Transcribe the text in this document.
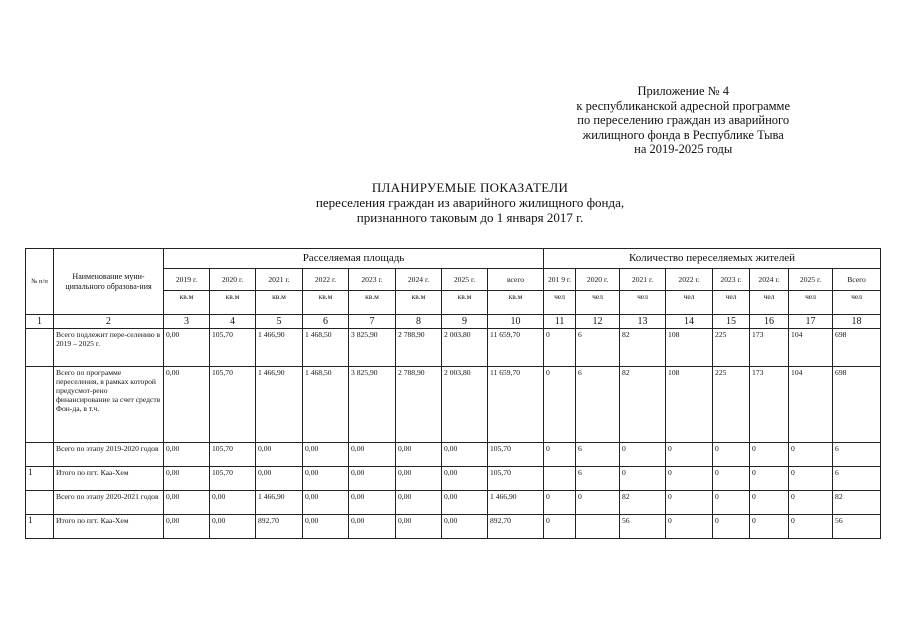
Приложение № 4
к республиканской адресной программе
по переселению граждан из аварийного
жилищного фонда в Республике Тыва
на 2019-2025 годы
ПЛАНИРУЕМЫЕ ПОКАЗАТЕЛИ
переселения граждан из аварийного жилищного фонда,
признанного таковым до 1 января 2017 г.
№ п/п	Наименование муни-ципального образова-ния	Расселяемая площадь								Количество переселяемых жителей							
		2019 г.	2020 г.	2021 г.	2022 г.	2023 г.	2024 г.	2025 г.	всего	201 9 г.	2020 г.	2021 г.	2022 г.	2023 г.	2024 г.	2025 г.	Всего
		кв.м	кв.м	кв.м	кв.м	кв.м	кв.м	кв.м	кв.м	чел	чел	чел	чел	чел	чел	чел	чел
1	2	3	4	5	6	7	8	9	10	11	12	13	14	15	16	17	18
	Всего подлежит пере-селению в 2019 – 2025 г.	0,00	105,70	1 466,90	1 468,50	3 825,90	2 788,90	2 003,80	11 659,70	0	6	82	108	225	173	104	698
	Всего по программе переселения, в рамках которой предусмот-рено финансирование за счет средств Фон-да, в т.ч.	0,00	105,70	1 466,90	1 468,50	3 825,90	2 788,90	2 003,80	11 659,70	0	6	82	108	225	173	104	698
	Всего по этапу 2019-2020 годов	0,00	105,70	0,00	0,00	0,00	0,00	0,00	105,70	0	6	0	0	0	0	0	6
1	Итого по пгт. Каа-Хем	0,00	105,70	0,00	0,00	0,00	0,00	0,00	105,70		6	0	0	0	0	0	6
	Всего по этапу 2020-2021 годов	0,00	0,00	1 466,90	0,00	0,00	0,00	0,00	1 466,90	0	0	82	0	0	0	0	82
1	Итого по пгт. Каа-Хем	0,00	0,00	892,70	0,00	0,00	0,00	0,00	892,70	0		56	0	0	0	0	56
